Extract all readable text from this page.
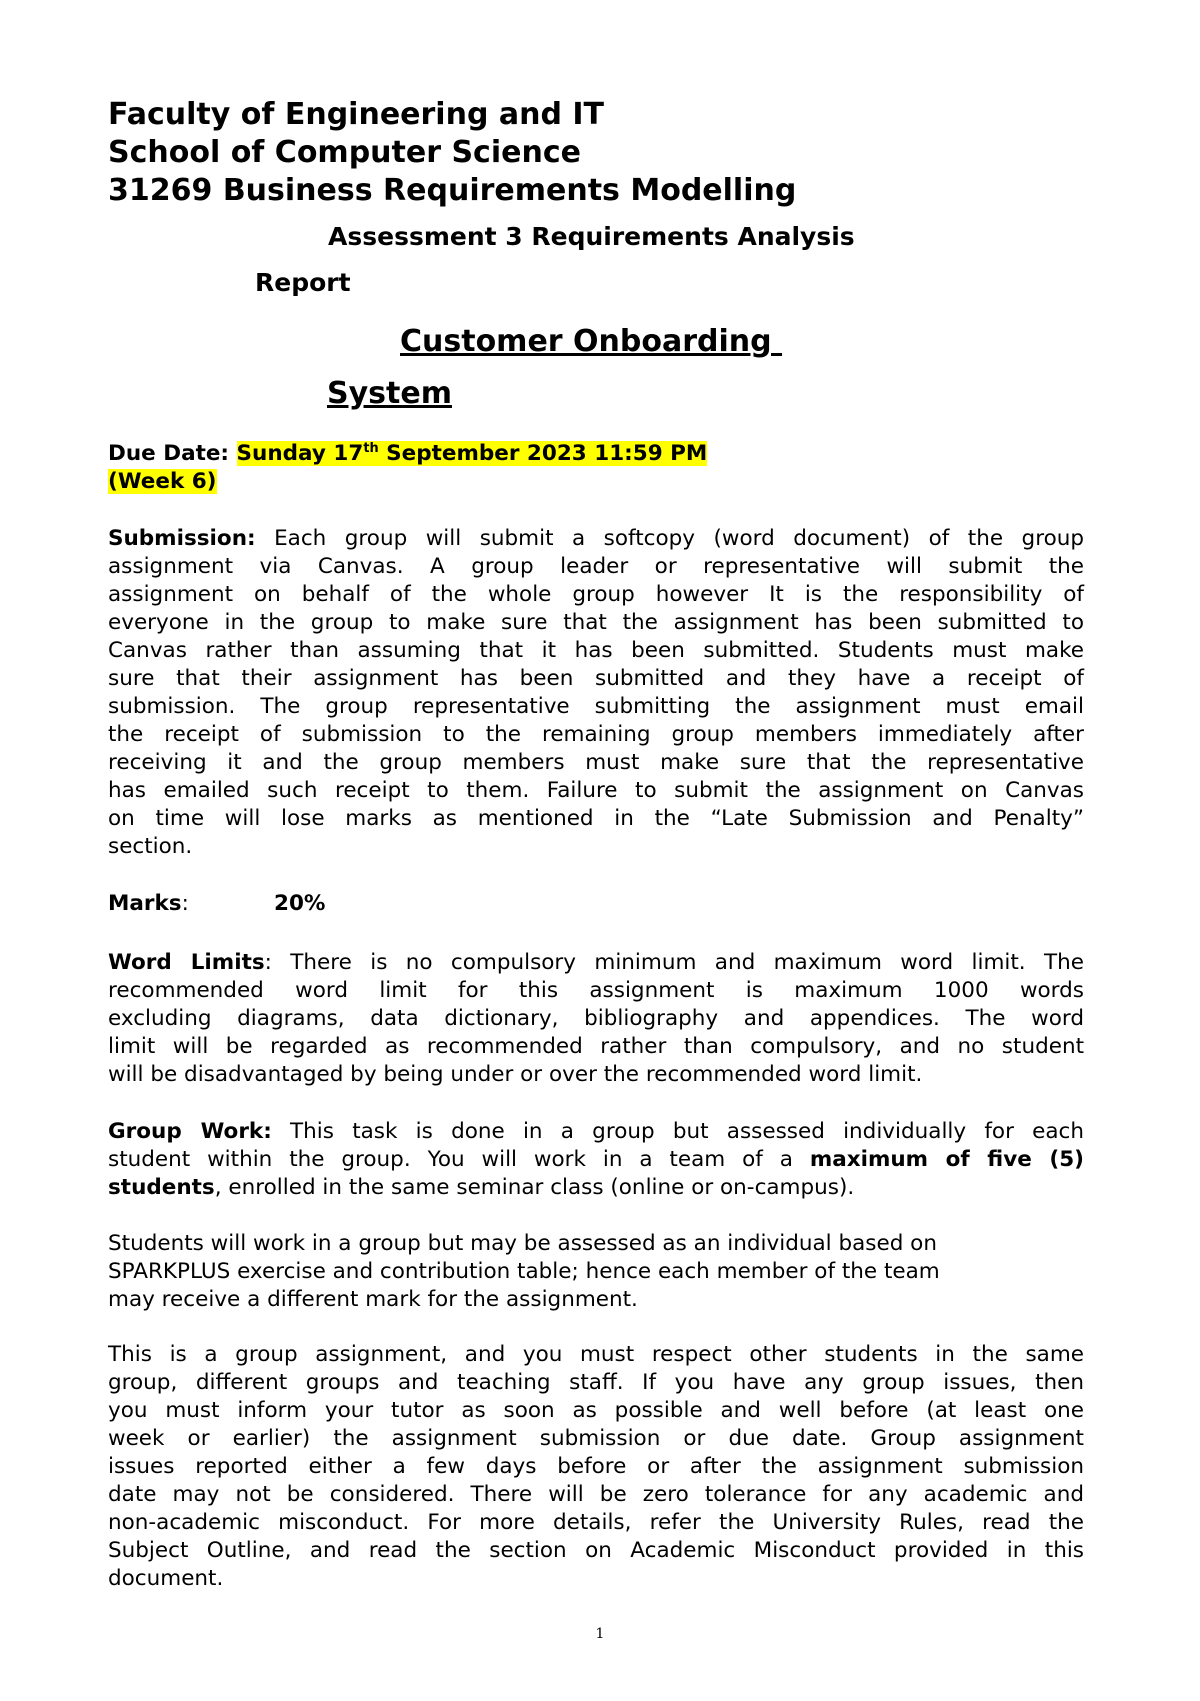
Faculty of Engineering and IT
School of Computer Science
31269 Business Requirements Modelling
Assessment 3 Requirements Analysis
Report
Customer Onboarding
System
Due Date: Sunday 17th September 2023 11:59 PM
(Week 6)
Submission: Each group will submit a softcopy (word document) of the group
assignment via Canvas. A group leader or representative will submit the
assignment on behalf of the whole group however It is the responsibility of
everyone in the group to make sure that the assignment has been submitted to
Canvas rather than assuming that it has been submitted. Students must make
sure that their assignment has been submitted and they have a receipt of
submission. The group representative submitting the assignment must email
the receipt of submission to the remaining group members immediately after
receiving it and the group members must make sure that the representative
has emailed such receipt to them. Failure to submit the assignment on Canvas
on time will lose marks as mentioned in the “Late Submission and Penalty”
section.
Marks:	20%
Word Limits: There is no compulsory minimum and maximum word limit. The
recommended word limit for this assignment is maximum 1000 words
excluding diagrams, data dictionary, bibliography and appendices. The word
limit will be regarded as recommended rather than compulsory, and no student
will be disadvantaged by being under or over the recommended word limit.
Group Work: This task is done in a group but assessed individually for each
student within the group. You will work in a team of a maximum of five (5)
students, enrolled in the same seminar class (online or on-campus).
Students will work in a group but may be assessed as an individual based on
SPARKPLUS exercise and contribution table; hence each member of the team
may receive a different mark for the assignment.
This is a group assignment, and you must respect other students in the same
group, different groups and teaching staff. If you have any group issues, then
you must inform your tutor as soon as possible and well before (at least one
week or earlier) the assignment submission or due date. Group assignment
issues reported either a few days before or after the assignment submission
date may not be considered. There will be zero tolerance for any academic and
non-academic misconduct. For more details, refer the University Rules, read the
Subject Outline, and read the section on Academic Misconduct provided in this
document.
1
